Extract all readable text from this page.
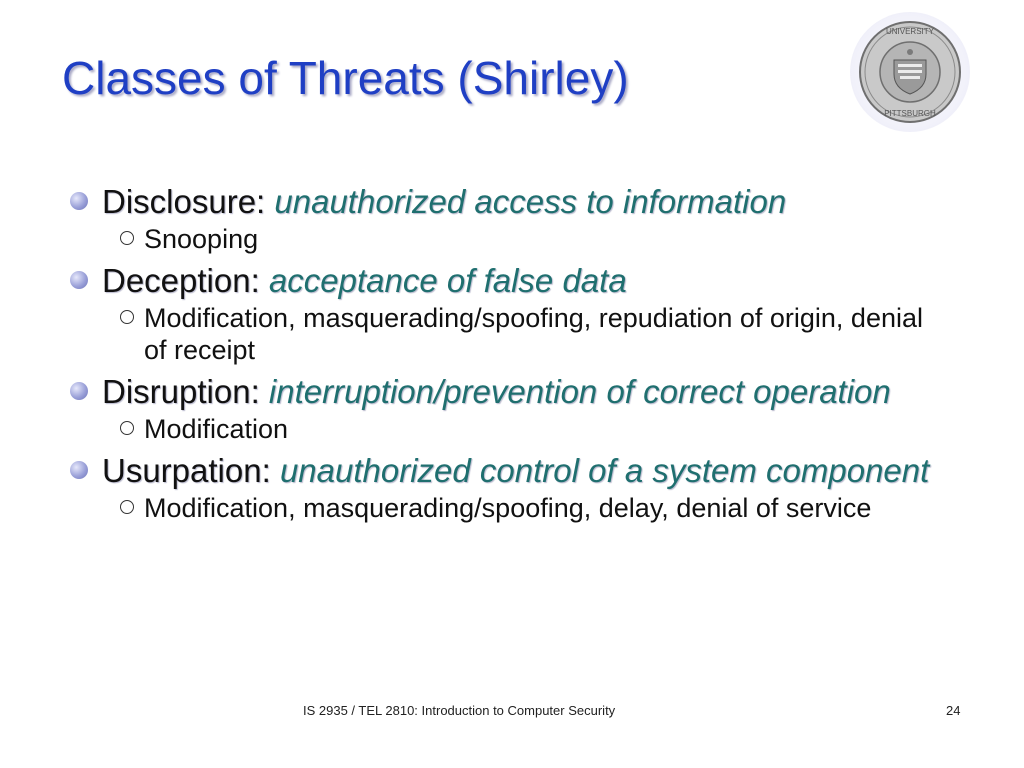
Classes of Threats (Shirley)
UNIVERSITY
PITTSBURGH
Disclosure: unauthorized access to information
Snooping
Deception: acceptance of false data
Modification, masquerading/spoofing, repudiation of origin, denial of receipt
Disruption: interruption/prevention of correct operation
Modification
Usurpation: unauthorized control of a system component
Modification, masquerading/spoofing, delay, denial of service
IS 2935 / TEL 2810: Introduction to Computer Security	24
